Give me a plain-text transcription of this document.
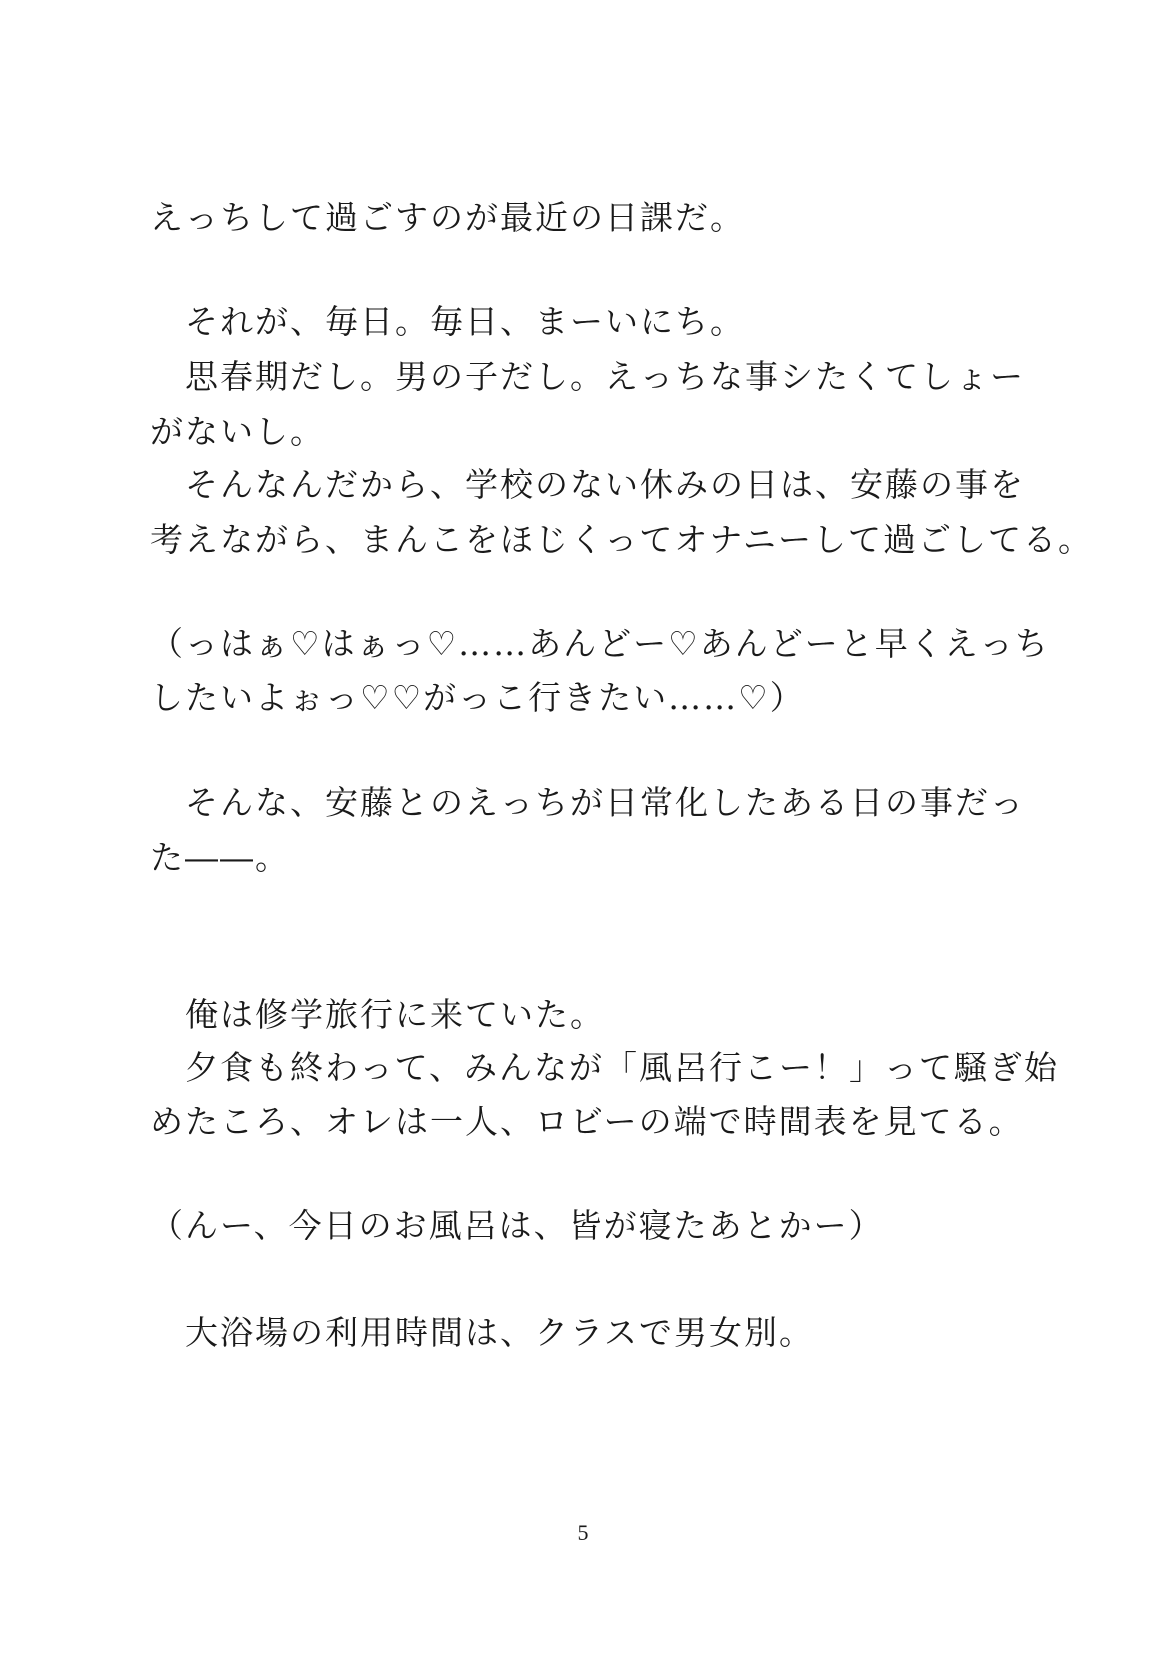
えっちして過ごすのが最近の日課だ。
　それが、毎日。毎日、まーいにち。
　思春期だし。男の子だし。えっちな事シたくてしょー
がないし。
　そんなんだから、学校のない休みの日は、安藤の事を
考えながら、まんこをほじくってオナニーして過ごしてる。
（っはぁ♡はぁっ♡……あんどー♡あんどーと早くえっち
したいよぉっ♡♡がっこ行きたい……♡）
　そんな、安藤とのえっちが日常化したある日の事だっ
た――。
　俺は修学旅行に来ていた。
　夕食も終わって、みんなが「風呂行こー！」って騒ぎ始
めたころ、オレは一人、ロビーの端で時間表を見てる。
（んー、今日のお風呂は、皆が寝たあとかー）
　大浴場の利用時間は、クラスで男女別。
5
